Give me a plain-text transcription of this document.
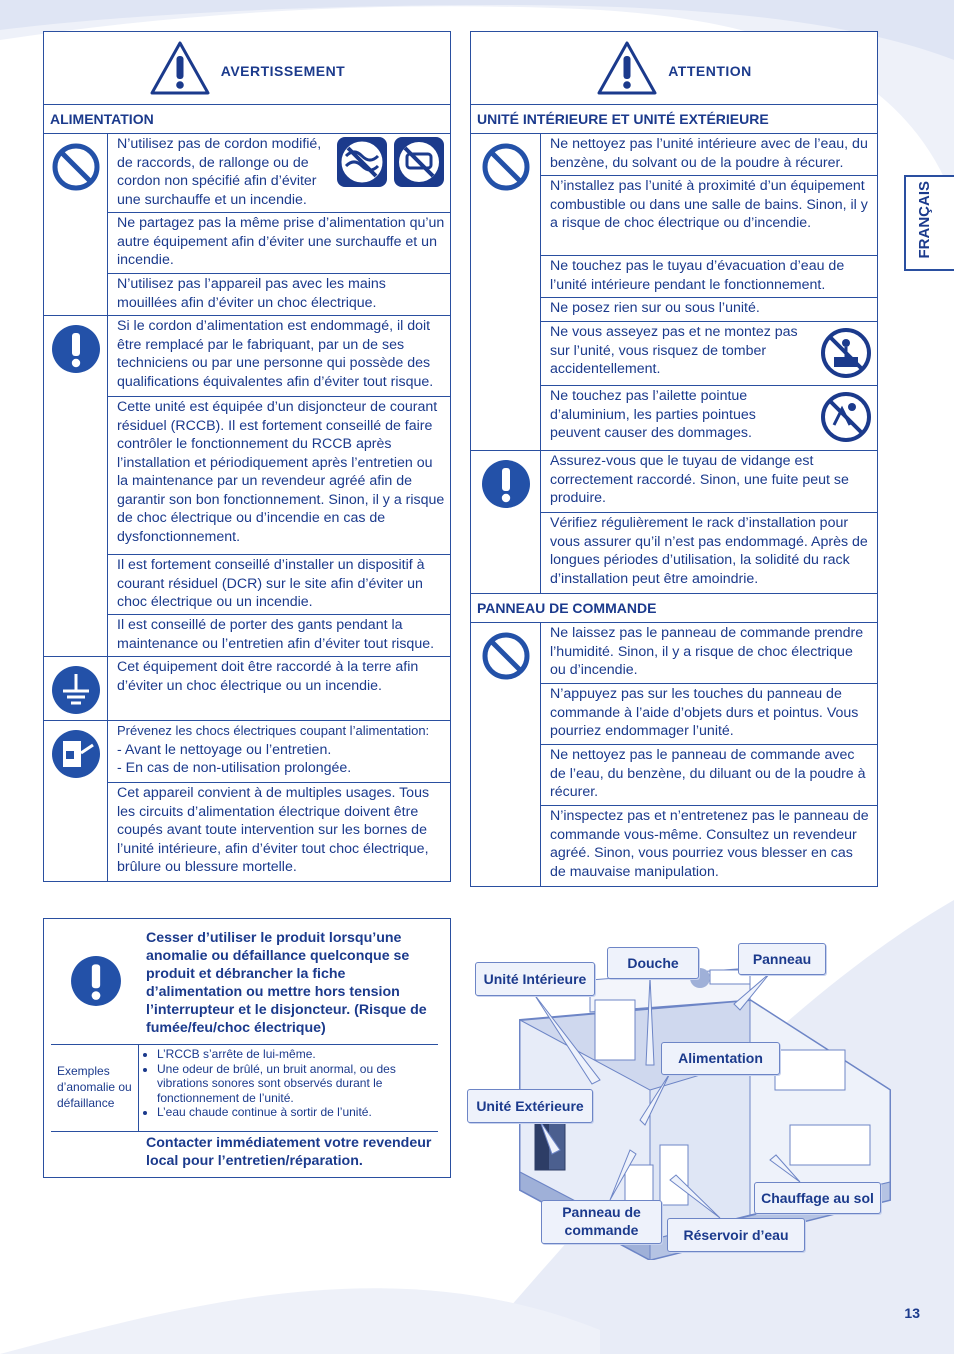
AVERTISSEMENT
ALIMENTATION
N’utilisez pas de cordon modifié, de raccords, de rallonge ou de cordon non spécifié afin d’éviter une surchauffe et un incendie.
Ne partagez pas la même prise d’alimentation qu’un autre équipement afin d’éviter une surchauffe et un incendie.
N’utilisez pas l’appareil pas avec les mains mouillées afin d’éviter un choc électrique.
Si le cordon d’alimentation est endommagé, il doit être remplacé par le fabriquant, par un de ses techniciens ou par une personne qui possède des qualifications équivalentes afin d’éviter tout risque.
Cette unité est équipée d’un disjoncteur de courant résiduel (RCCB). Il est fortement conseillé de faire contrôler le fonctionnement du RCCB après l’installation et périodiquement après l’entretien ou la maintenance par un revendeur agréé afin de garantir son bon fonctionnement. Sinon, il y a risque de choc électrique ou d’incendie en cas de dysfonctionnement.
Il est fortement conseillé d’installer un dispositif à courant résiduel (DCR) sur le site afin d’éviter un choc électrique ou un incendie.
Il est conseillé de porter des gants pendant la maintenance ou l’entretien afin d’éviter tout risque.
Cet équipement doit être raccordé à la terre afin d’éviter un choc électrique ou un incendie.
Prévenez les chocs électriques coupant l’alimentation:
- Avant le nettoyage ou l’entretien.
- En cas de non-utilisation prolongée.
Cet appareil convient à de multiples usages. Tous les circuits d’alimentation électrique doivent être coupés avant toute intervention sur les bornes de l’unité intérieure, afin d’éviter tout choc électrique, brûlure ou blessure mortelle.
ATTENTION
UNITÉ INTÉRIEURE ET UNITÉ EXTÉRIEURE
Ne nettoyez pas l’unité intérieure avec de l’eau, du benzène, du solvant ou de la poudre à récurer.
N’installez pas l’unité à proximité d’un équipement combustible ou dans une salle de bains. Sinon, il y a risque de choc électrique ou d’incendie.
Ne touchez pas le tuyau d’évacuation d’eau de l’unité intérieure pendant le fonctionnement.
Ne posez rien sur ou sous l’unité.
Ne vous asseyez pas et ne montez pas sur l’unité, vous risquez de tomber accidentellement.
Ne touchez pas l’ailette pointue d’aluminium, les parties pointues peuvent causer des dommages.
Assurez-vous que le tuyau de vidange est correctement raccordé. Sinon, une fuite peut se produire.
Vérifiez régulièrement le rack d’installation pour vous assurer qu’il n’est pas endommagé. Après de longues périodes d’utilisation, la solidité du rack d’installation peut être amoindrie.
PANNEAU DE COMMANDE
Ne laissez pas le panneau de commande prendre l’humidité. Sinon, il y a risque de choc électrique ou d’incendie.
N’appuyez pas sur les touches du panneau de commande à l’aide d’objets durs et pointus. Vous pourriez endommager l’unité.
Ne nettoyez pas le panneau de commande avec de l’eau, du benzène, du diluant ou de la poudre à récurer.
N’inspectez pas et n’entretenez pas le panneau de commande vous-même. Consultez un revendeur agréé. Sinon, vous pourriez vous blesser en cas de mauvaise manipulation.
FRANÇAIS
Cesser d’utiliser le produit lorsqu’une anomalie ou défaillance quelconque se produit et débrancher la fiche d’alimentation ou mettre hors tension l’interrupteur et le disjoncteur. (Risque de fumée/feu/choc électrique)
Exemples d’anomalie ou défaillance
• L’RCCB s’arrête de lui-même.
• Une odeur de brûlé, un bruit anormal, ou des vibrations sonores sont observés durant le fonctionnement de l’unité.
• L’eau chaude continue à sortir de l’unité.
Contacter immédiatement votre revendeur local pour l’entretien/réparation.
Unité Intérieure
Douche	Panneau
Alimentation
Unité Extérieure
Chauffage au sol
Panneau de commande	Réservoir d’eau
13
